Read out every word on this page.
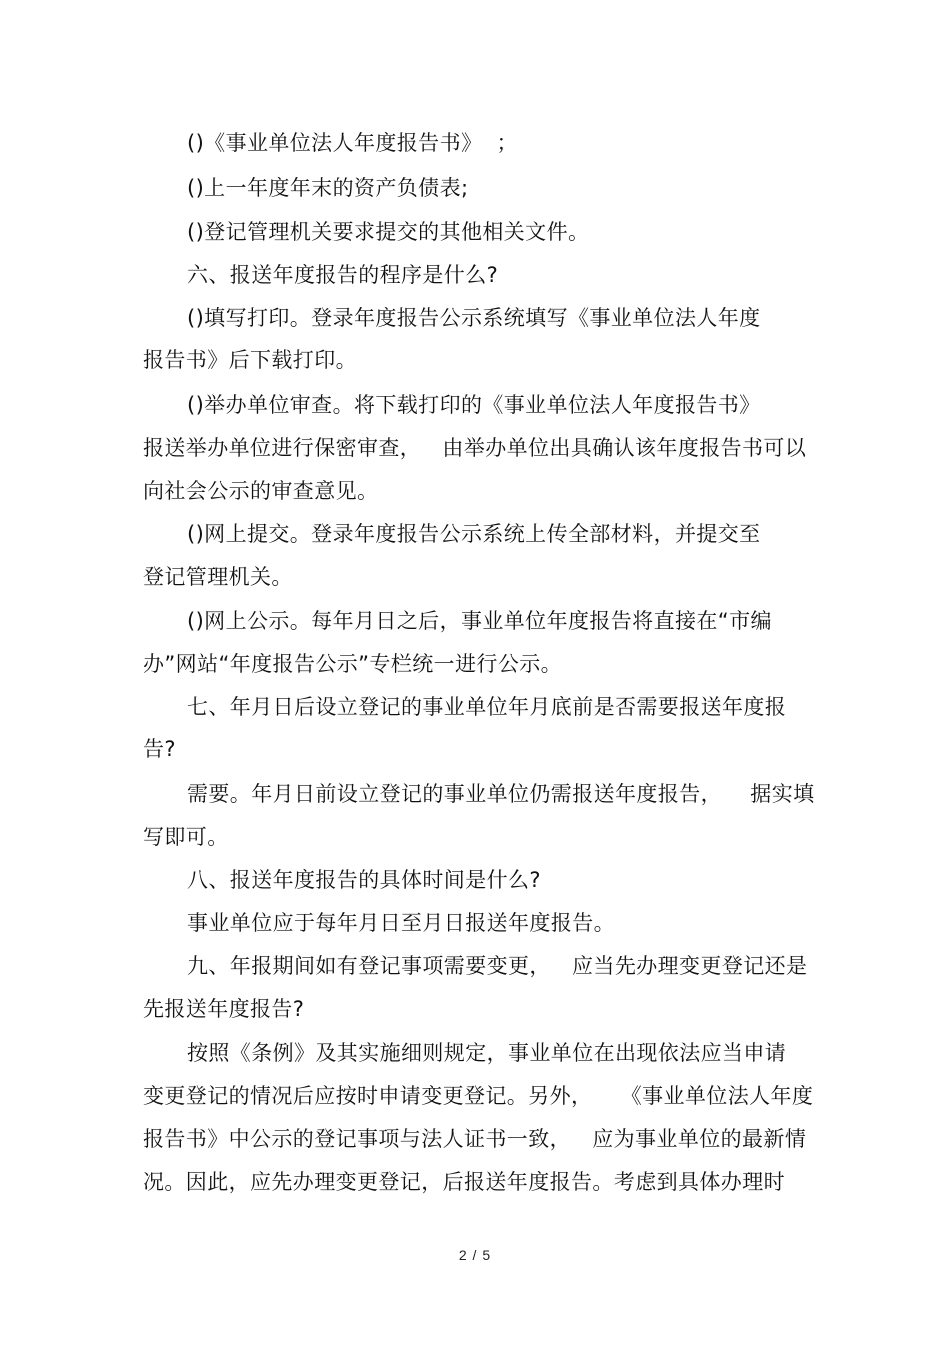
()《事业单位法人年度报告书》  ；
()上一年度年末的资产负债表;
()登记管理机关要求提交的其他相关文件。
六、报送年度报告的程序是什么?
()填写打印。登录年度报告公示系统填写《事业单位法人年度
报告书》后下载打印。
()举办单位审查。将下载打印的《事业单位法人年度报告书》
报送举办单位进行保密审查，   由举办单位出具确认该年度报告书可以
向社会公示的审查意见。
()网上提交。登录年度报告公示系统上传全部材料，并提交至
登记管理机关。
()网上公示。每年月日之后，事业单位年度报告将直接在“市编
办”网站“年度报告公示”专栏统一进行公示。
七、年月日后设立登记的事业单位年月底前是否需要报送年度报
告?
需要。年月日前设立登记的事业单位仍需报送年度报告，    据实填
写即可。
八、报送年度报告的具体时间是什么?
事业单位应于每年月日至月日报送年度报告。
九、年报期间如有登记事项需要变更，   应当先办理变更登记还是
先报送年度报告?
按照《条例》及其实施细则规定，事业单位在出现依法应当申请
变更登记的情况后应按时申请变更登记。另外，    《事业单位法人年度
报告书》中公示的登记事项与法人证书一致，   应为事业单位的最新情
况。因此，应先办理变更登记，后报送年度报告。考虑到具体办理时
2 / 5
